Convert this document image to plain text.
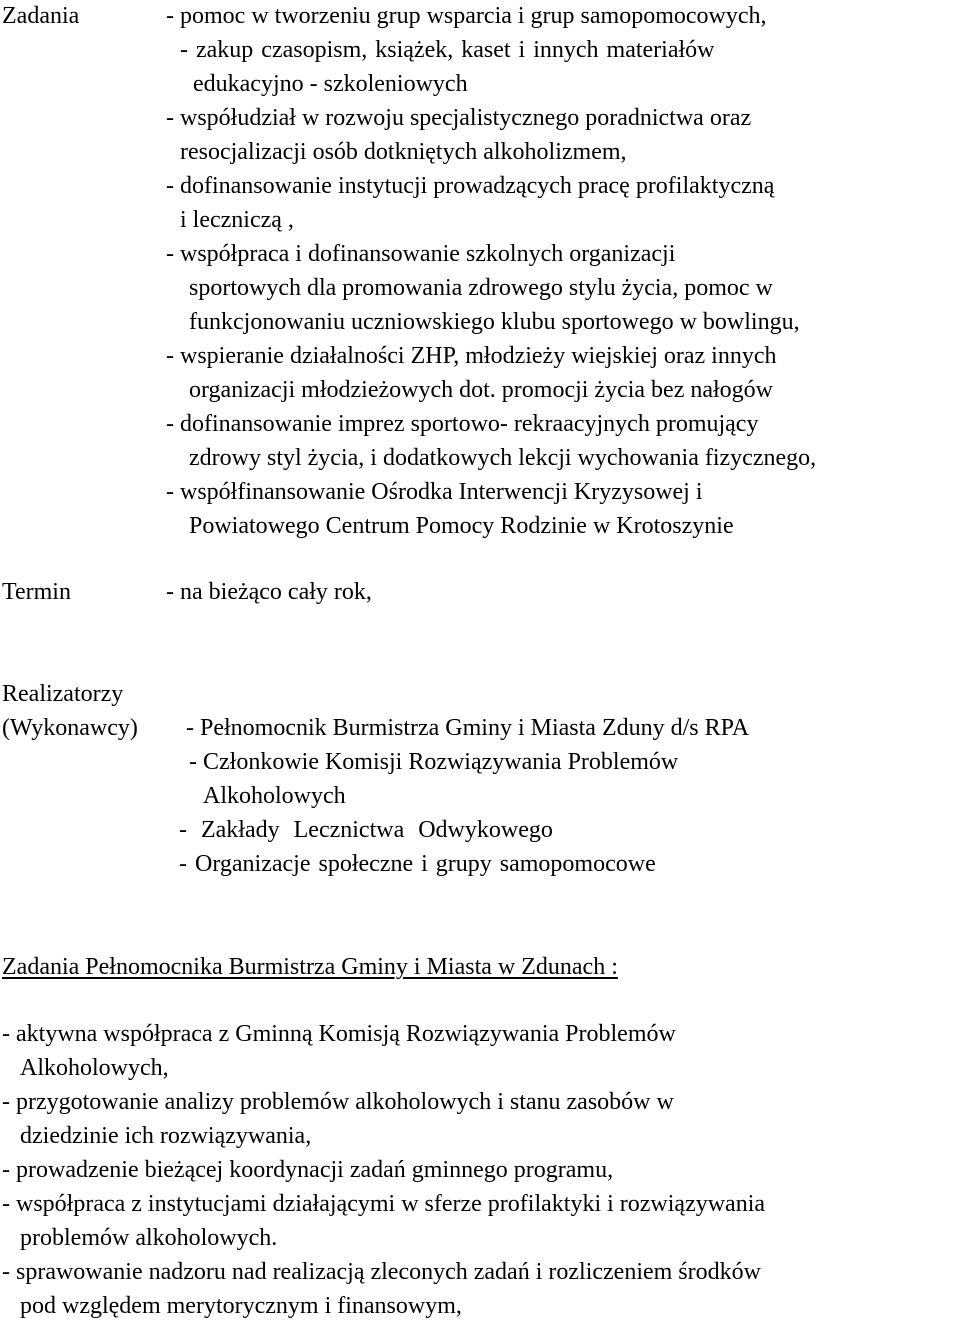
Zadania	- pomoc w tworzeniu grup wsparcia i grup samopomocowych,
- zakup czasopism, książek, kaset i innych materiałów
edukacyjno - szkoleniowych
- współudział w rozwoju specjalistycznego poradnictwa oraz
resocjalizacji osób dotkniętych alkoholizmem,
- dofinansowanie instytucji prowadzących pracę profilaktyczną
i leczniczą ,
- współpraca i dofinansowanie szkolnych organizacji
sportowych dla promowania zdrowego stylu życia, pomoc w
funkcjonowaniu uczniowskiego klubu sportowego w bowlingu,
- wspieranie działalności ZHP, młodzieży wiejskiej oraz innych
organizacji młodzieżowych dot. promocji życia bez nałogów
- dofinansowanie imprez sportowo- rekraacyjnych promujący
zdrowy styl życia, i dodatkowych lekcji wychowania fizycznego,
- współfinansowanie Ośrodka Interwencji Kryzysowej i
Powiatowego Centrum Pomocy Rodzinie w Krotoszynie
Termin	- na bieżąco cały rok,
Realizatorzy
(Wykonawcy) - Pełnomocnik Burmistrza Gminy i Miasta Zduny d/s RPA
- Członkowie Komisji Rozwiązywania Problemów
Alkoholowych
- Zakłady Lecznictwa Odwykowego
- Organizacje społeczne i grupy samopomocowe
Zadania Pełnomocnika Burmistrza Gminy i Miasta w Zdunach :
- aktywna współpraca z Gminną Komisją Rozwiązywania Problemów
Alkoholowych,
- przygotowanie analizy problemów alkoholowych i stanu zasobów w
dziedzinie ich rozwiązywania,
- prowadzenie bieżącej koordynacji zadań gminnego programu,
- współpraca z instytucjami działającymi w sferze profilaktyki i rozwiązywania
problemów alkoholowych.
- sprawowanie nadzoru nad realizacją zleconych zadań i rozliczeniem środków
pod względem merytorycznym i finansowym,
